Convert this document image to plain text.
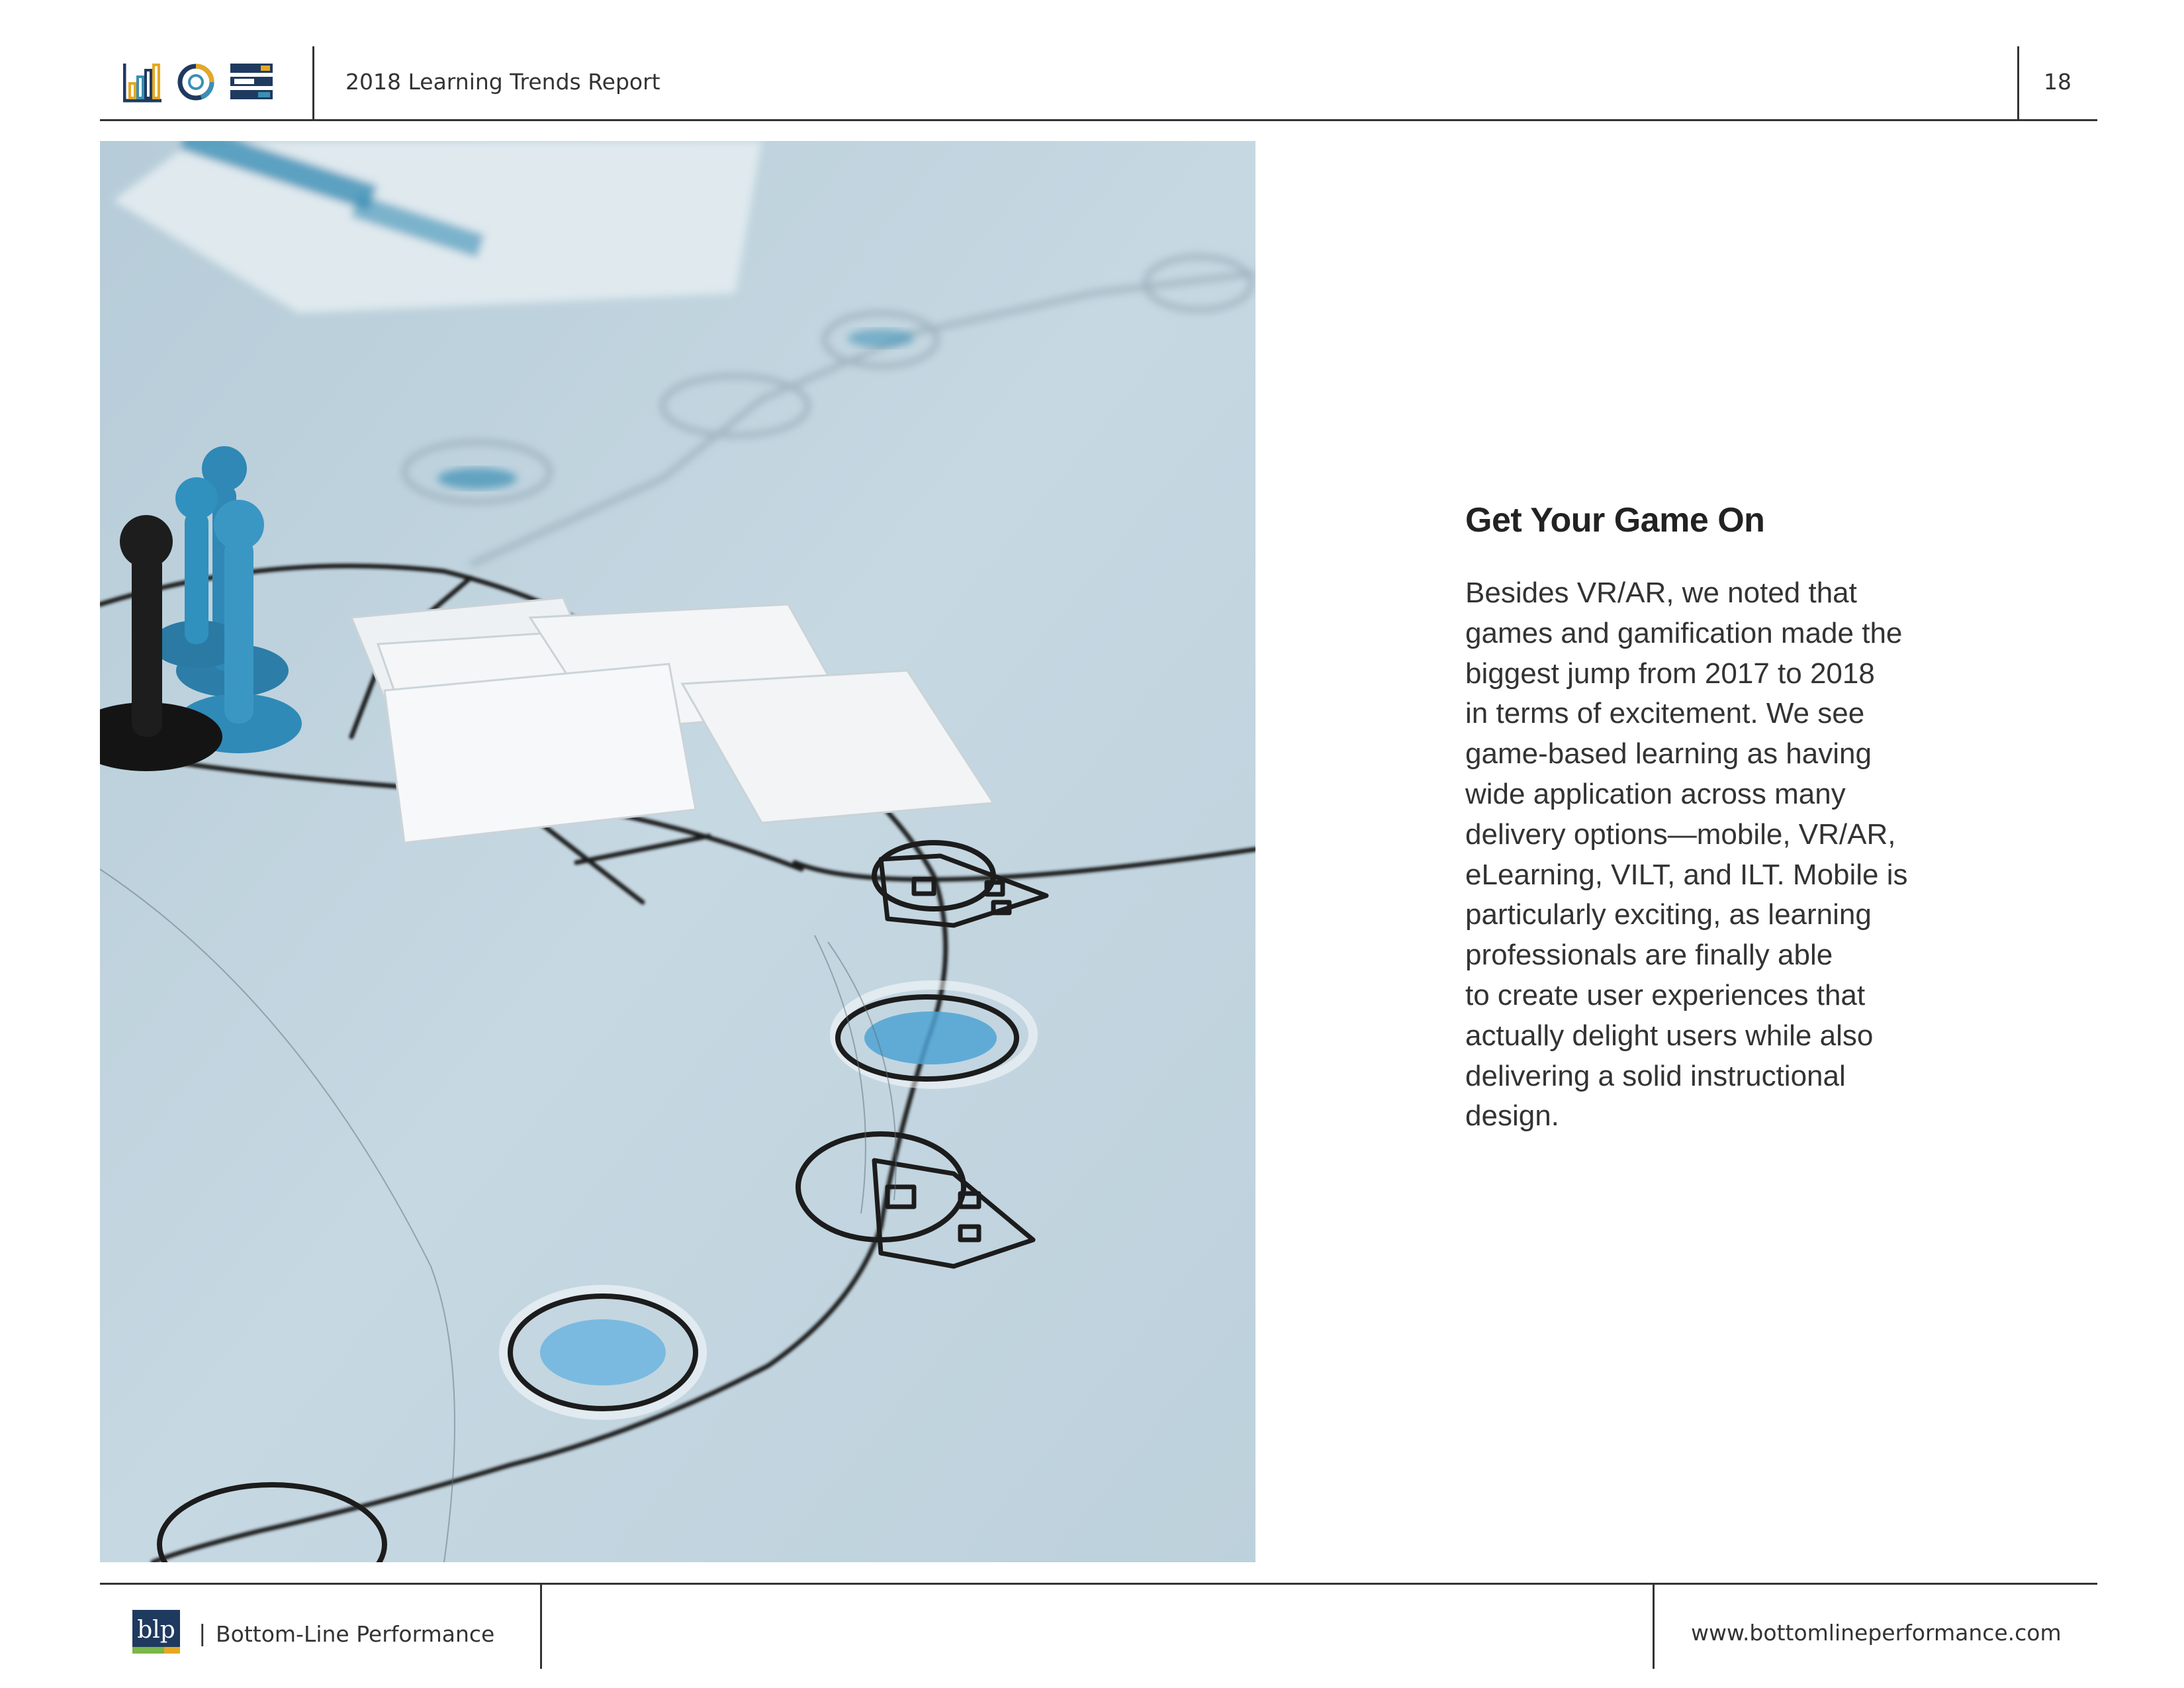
2018 Learning Trends Report	18
Get Your Game On
Besides VR/AR, we noted that
games and gamification made the
biggest jump from 2017 to 2018
in terms of excitement. We see
game-based learning as having
wide application across many
delivery options—mobile, VR/AR,
eLearning, VILT, and ILT. Mobile is
particularly exciting, as learning
professionals are finally able
to create user experiences that
actually delight users while also
delivering a solid instructional
design.
blp | Bottom-Line Performance	www.bottomlineperformance.com
